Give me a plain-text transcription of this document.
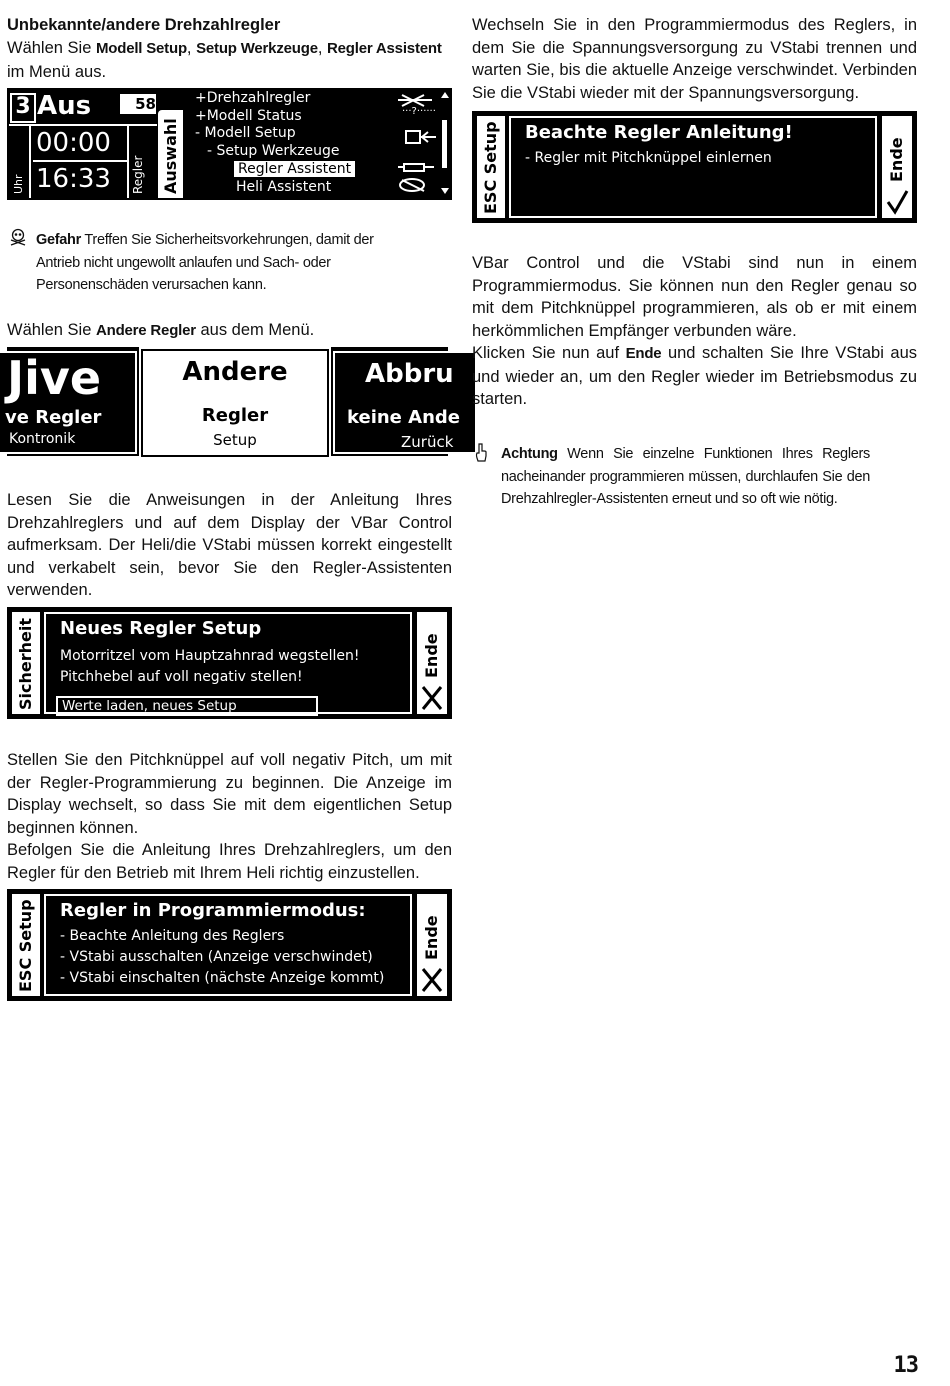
Unbekannte/andere Drehzahlregler
Wählen Sie Modell Setup, Setup Werkzeuge, Regler Assistent im Menü aus.
3 Aus	58
Uhr	Regler
00:00
16:33	Auswahl
+Drehzahlregler
+Modell Status
- Modell Setup
- Setup Werkzeuge
Regler Assistent
Heli Assistent
···?······
Gefahr Treffen Sie Sicherheitsvorkehrungen, damit der Antrieb nicht ungewollt anlaufen und Sach- oder Personenschäden verursachen kann.
Wählen Sie Andere Regler aus dem Menü.
Jive
ve Regler
Kontronik
Andere
Regler
Setup
Abbru
keine Ande
Zurück
Lesen Sie die Anweisungen in der Anleitung Ihres Drehzahlreglers und auf dem Display der VBar Control aufmerksam. Der Heli/die VStabi müssen korrekt eingestellt und verkabelt sein, bevor Sie den Regler-Assistenten verwenden.
Sicherheit Neues Regler Setup
Motorritzel vom Hauptzahnrad wegstellen!
Pitchhebel auf voll negativ stellen!
Werte laden, neues Setup
Ende
Stellen Sie den Pitchknüppel auf voll negativ Pitch, um mit der Regler-Programmierung zu beginnen. Die Anzeige im Display wechselt, so dass Sie mit dem eigentlichen Setup beginnen können.
Befolgen Sie die Anleitung Ihres Drehzahlreglers, um den Regler für den Betrieb mit Ihrem Heli richtig einzustellen.
ESC Setup Regler in Programmiermodus:
- Beachte Anleitung des Reglers
- VStabi ausschalten (Anzeige verschwindet)
- VStabi einschalten (nächste Anzeige kommt)
Ende
Wechseln Sie in den Programmiermodus des Reglers, in dem Sie die Spannungsversorgung zu VStabi trennen und warten Sie, bis die aktuelle Anzeige verschwindet. Verbinden Sie die VStabi wieder mit der Spannungsversorgung.
ESC Setup Beachte Regler Anleitung!
- Regler mit Pitchknüppel einlernen	Ende
VBar Control und die VStabi sind nun in einem Programmiermodus. Sie können nun den Regler genau so mit dem Pitchknüppel programmieren, als ob er mit einem herkömmlichen Empfänger verbunden wäre.
Klicken Sie nun auf Ende und schalten Sie Ihre VStabi aus und wieder an, um den Regler wieder im Betriebsmodus zu starten.
Achtung Wenn Sie einzelne Funktionen Ihres Reglers nacheinander programmieren müssen, durchlaufen Sie den Drehzahlregler-Assistenten erneut und so oft wie nötig.
13
